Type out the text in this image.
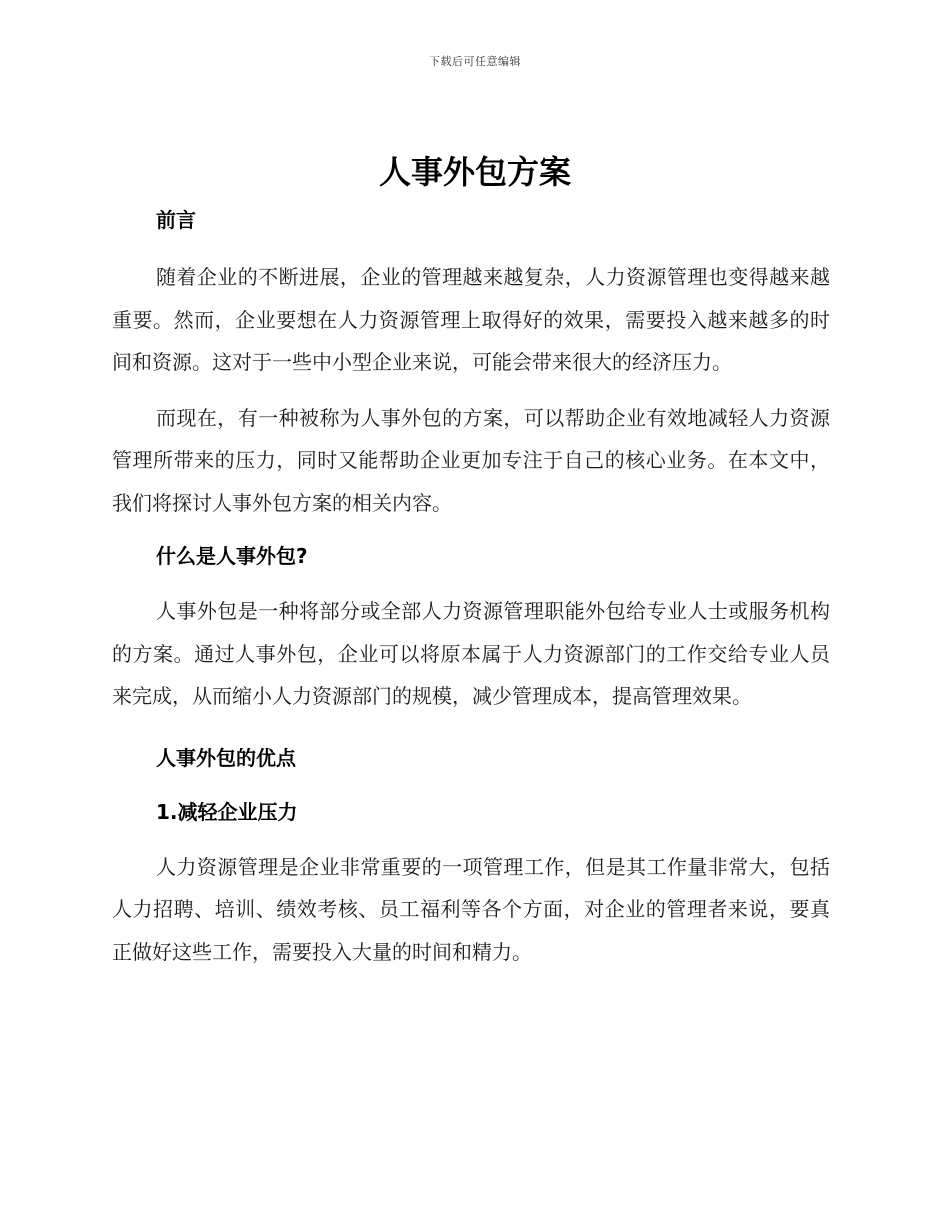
下载后可任意编辑
人事外包方案
前言

随着企业的不断进展，企业的管理越来越复杂，人力资源管理也变得越来越重要。然而，企业要想在人力资源管理上取得好的效果，需要投入越来越多的时间和资源。这对于一些中小型企业来说，可能会带来很大的经济压力。

而现在，有一种被称为人事外包的方案，可以帮助企业有效地减轻人力资源管理所带来的压力，同时又能帮助企业更加专注于自己的核心业务。在本文中，我们将探讨人事外包方案的相关内容。

什么是人事外包?

人事外包是一种将部分或全部人力资源管理职能外包给专业人士或服务机构的方案。通过人事外包，企业可以将原本属于人力资源部门的工作交给专业人员来完成，从而缩小人力资源部门的规模，减少管理成本，提高管理效果。

人事外包的优点
1.减轻企业压力

人力资源管理是企业非常重要的一项管理工作，但是其工作量非常大，包括人力招聘、培训、绩效考核、员工福利等各个方面，对企业的管理者来说，要真正做好这些工作，需要投入大量的时间和精力。
